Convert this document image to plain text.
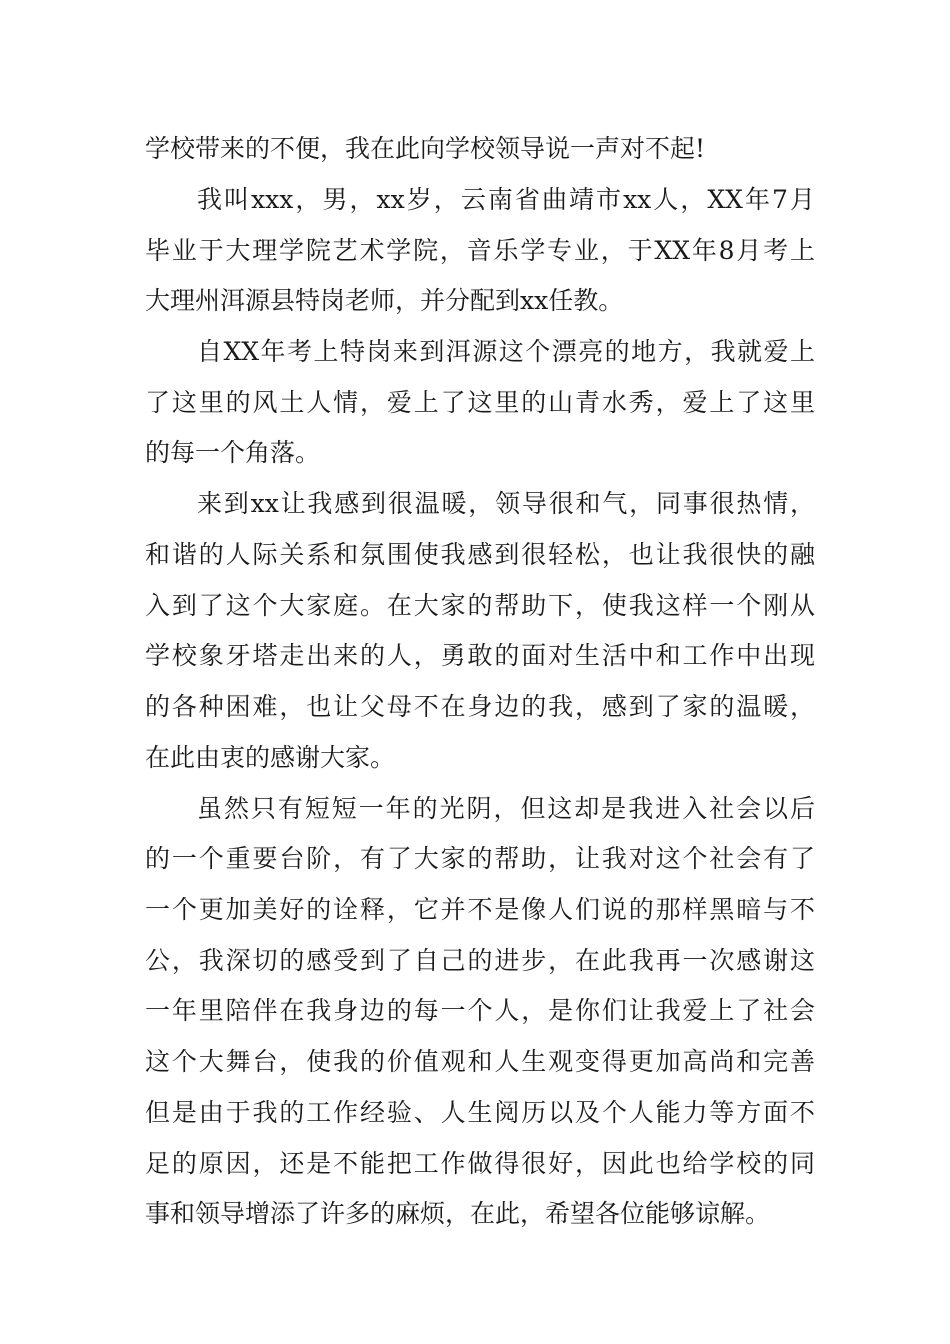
学校带来的不便，我在此向学校领导说一声对不起!
我叫xxx，男，xx岁，云南省曲靖市xx人，XX年7月
毕业于大理学院艺术学院，音乐学专业，于XX年8月考上
大理州洱源县特岗老师，并分配到xx任教。
自XX年考上特岗来到洱源这个漂亮的地方，我就爱上
了这里的风土人情，爱上了这里的山青水秀，爱上了这里
的每一个角落。
来到xx让我感到很温暖，领导很和气，同事很热情，
和谐的人际关系和氛围使我感到很轻松，也让我很快的融
入到了这个大家庭。在大家的帮助下，使我这样一个刚从
学校象牙塔走出来的人，勇敢的面对生活中和工作中出现
的各种困难，也让父母不在身边的我，感到了家的温暖，
在此由衷的感谢大家。
虽然只有短短一年的光阴，但这却是我进入社会以后
的一个重要台阶，有了大家的帮助，让我对这个社会有了
一个更加美好的诠释，它并不是像人们说的那样黑暗与不
公，我深切的感受到了自己的进步，在此我再一次感谢这
一年里陪伴在我身边的每一个人，是你们让我爱上了社会
这个大舞台，使我的价值观和人生观变得更加高尚和完善
但是由于我的工作经验、人生阅历以及个人能力等方面不
足的原因，还是不能把工作做得很好，因此也给学校的同
事和领导增添了许多的麻烦，在此，希望各位能够谅解。
